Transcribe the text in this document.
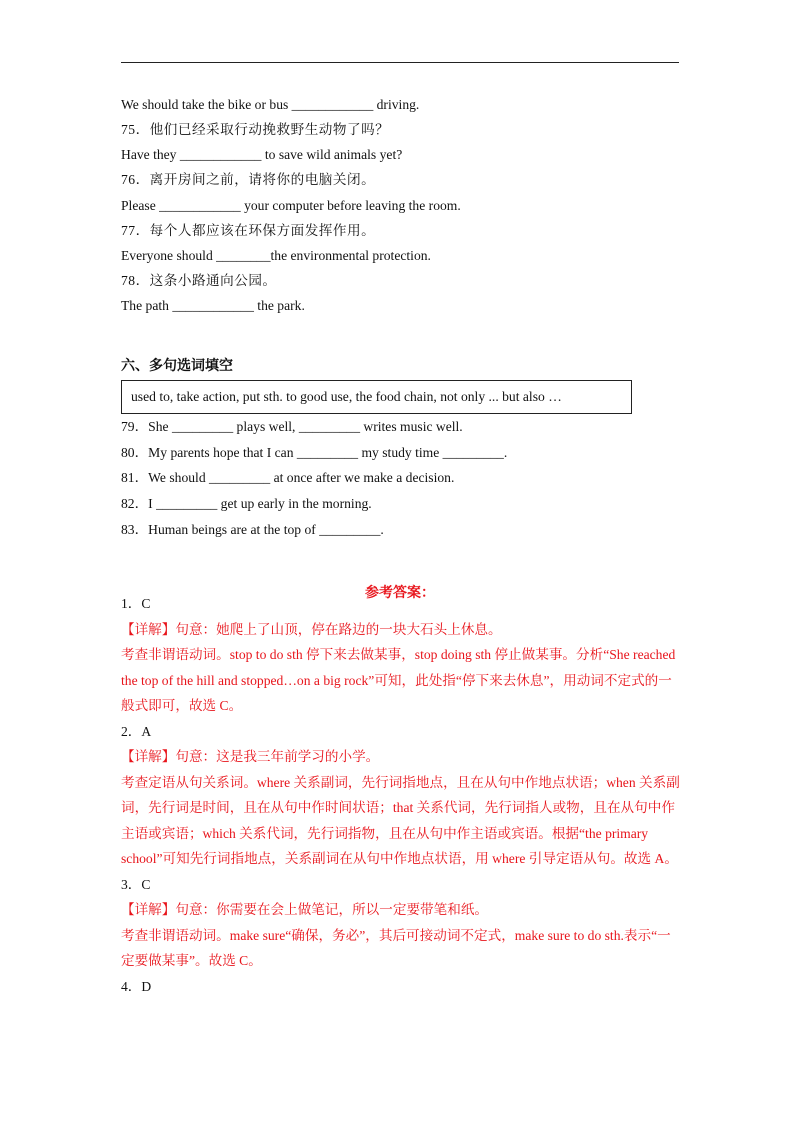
We should take the bike or bus ____________ driving.
75．他们已经采取行动挽救野生动物了吗？
Have they ____________ to save wild animals yet?
76．离开房间之前，请将你的电脑关闭。
Please ____________ your computer before leaving the room.
77．每个人都应该在环保方面发挥作用。
Everyone should ________the environmental protection.
78．这条小路通向公园。
The path ____________ the park.
六、多句选词填空
used to, take action, put sth. to good use, the food chain, not only ... but also …
79．She _________ plays well, _________ writes music well.
80．My parents hope that I can _________ my study time _________.
81．We should _________ at once after we make a decision.
82．I _________ get up early in the morning.
83．Human beings are at the top of _________.
参考答案：

1．C

【详解】句意：她爬上了山顶，停在路边的一块大石头上休息。

考查非谓语动词。stop to do sth 停下来去做某事，stop doing sth 停止做某事。分析“She reached the top of the hill and stopped…on a big rock”可知，此处指“停下来去休息”，用动词不定式的一般式即可，故选 C。

2．A

【详解】句意：这是我三年前学习的小学。

考查定语从句关系词。where 关系副词，先行词指地点，且在从句中作地点状语；when 关系副词，先行词是时间，且在从句中作时间状语；that 关系代词，先行词指人或物，且在从句中作主语或宾语；which 关系代词，先行词指物，且在从句中作主语或宾语。根据“the primary school”可知先行词指地点，关系副词在从句中作地点状语，用 where 引导定语从句。故选 A。

3．C

【详解】句意：你需要在会上做笔记，所以一定要带笔和纸。

考查非谓语动词。make sure“确保，务必”，其后可接动词不定式，make sure to do sth.表示“一定要做某事”。故选 C。

4．D
